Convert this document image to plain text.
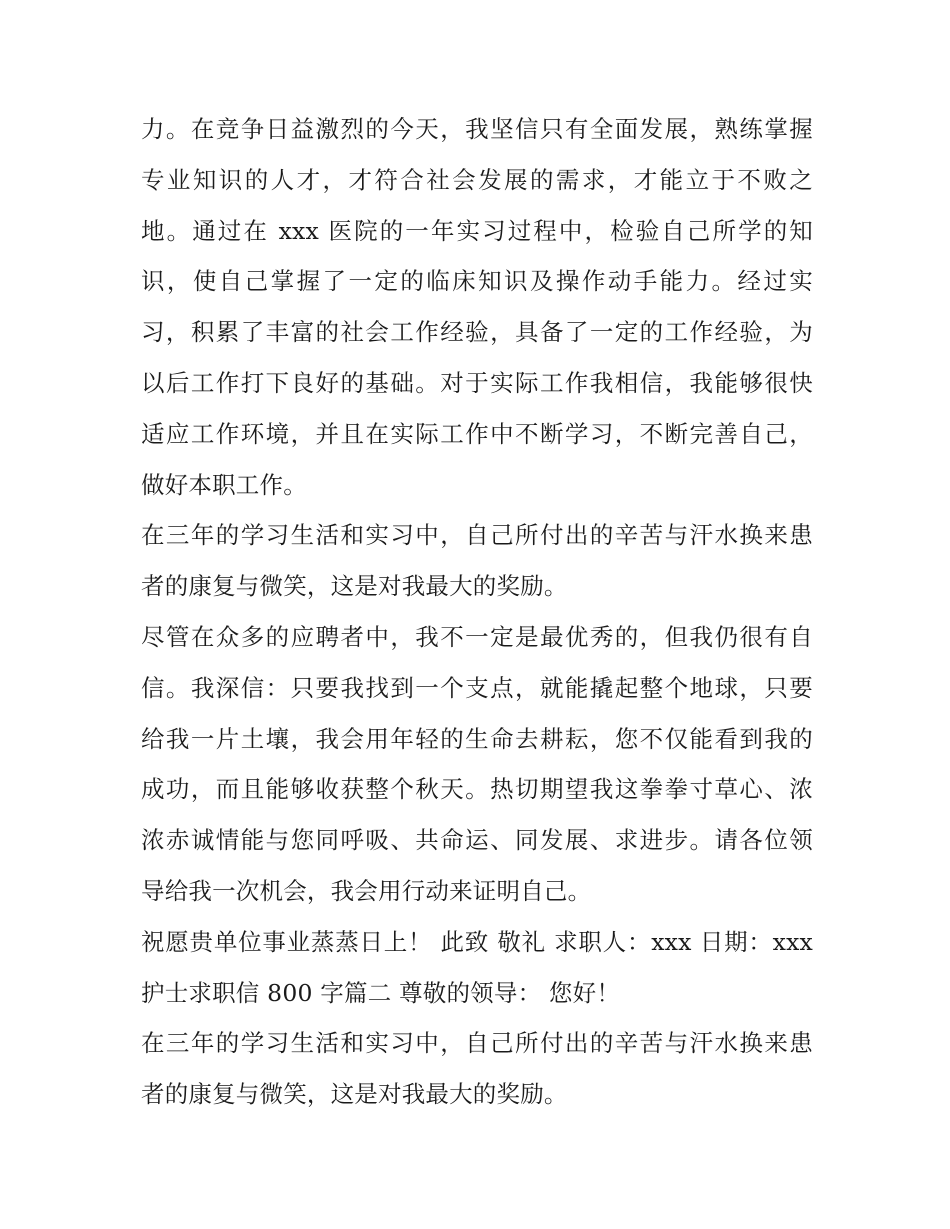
力。在竞争日益激烈的今天，我坚信只有全面发展，熟练掌握
专业知识的人才，才符合社会发展的需求，才能立于不败之
地。通过在 xxx 医院的一年实习过程中，检验自己所学的知
识，使自己掌握了一定的临床知识及操作动手能力。经过实
习，积累了丰富的社会工作经验，具备了一定的工作经验，为
以后工作打下良好的基础。对于实际工作我相信，我能够很快
适应工作环境，并且在实际工作中不断学习，不断完善自己，
做好本职工作。

在三年的学习生活和实习中，自己所付出的辛苦与汗水换来患
者的康复与微笑，这是对我最大的奖励。

尽管在众多的应聘者中，我不一定是最优秀的，但我仍很有自
信。我深信：只要我找到一个支点，就能撬起整个地球，只要
给我一片土壤，我会用年轻的生命去耕耘，您不仅能看到我的
成功，而且能够收获整个秋天。热切期望我这拳拳寸草心、浓
浓赤诚情能与您同呼吸、共命运、同发展、求进步。请各位领
导给我一次机会，我会用行动来证明自己。

祝愿贵单位事业蒸蒸日上！ 此致 敬礼 求职人：xxx 日期：xxx
护士求职信 800 字篇二 尊敬的领导： 您好！

在三年的学习生活和实习中，自己所付出的辛苦与汗水换来患
者的康复与微笑，这是对我最大的奖励。
